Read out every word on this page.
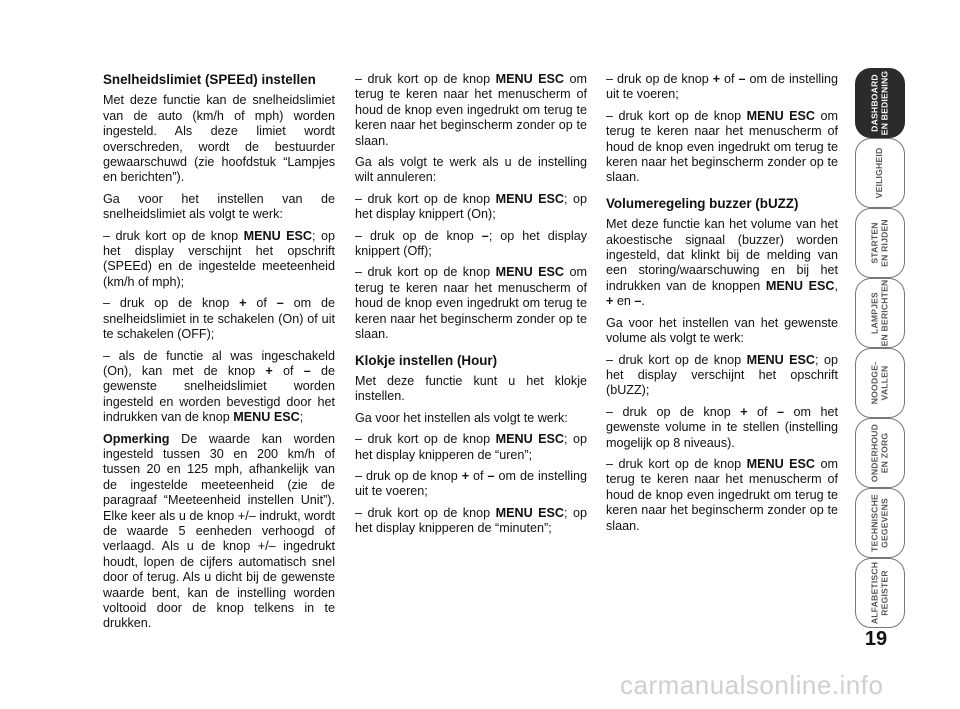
Snelheidslimiet (SPEEd) instellen

Met deze functie kan de snelheidslimiet van de auto (km/h of mph) worden ingesteld. Als deze limiet wordt overschreden, wordt de bestuurder gewaarschuwd (zie hoofdstuk “Lampjes en berichten”).

Ga voor het instellen van de snelheidslimiet als volgt te werk:

– druk kort op de knop MENU ESC; op het display verschijnt het opschrift (SPEEd) en de ingestelde meeteenheid (km/h of mph);

– druk op de knop + of – om de snelheidslimiet in te schakelen (On) of uit te schakelen (OFF);

– als de functie al was ingeschakeld (On), kan met de knop + of – de gewenste snelheidslimiet worden ingesteld en worden bevestigd door het indrukken van de knop MENU ESC;

Opmerking De waarde kan worden ingesteld tussen 30 en 200 km/h of tussen 20 en 125 mph, afhankelijk van de ingestelde meeteenheid (zie de paragraaf “Meeteenheid instellen Unit”). Elke keer als u de knop +/– indrukt, wordt de waarde 5 eenheden verhoogd of verlaagd. Als u de knop +/– ingedrukt houdt, lopen de cijfers automatisch snel door of terug. Als u dicht bij de gewenste waarde bent, kan de instelling worden voltooid door de knop telkens in te drukken.

– druk kort op de knop MENU ESC om terug te keren naar het menuscherm of houd de knop even ingedrukt om terug te keren naar het beginscherm zonder op te slaan.

Ga als volgt te werk als u de instelling wilt annuleren:

– druk kort op de knop MENU ESC; op het display knippert (On);

– druk op de knop –; op het display knippert (Off);

– druk kort op de knop MENU ESC om terug te keren naar het menuscherm of houd de knop even ingedrukt om terug te keren naar het beginscherm zonder op te slaan.

Klokje instellen (Hour)

Met deze functie kunt u het klokje instellen.

Ga voor het instellen als volgt te werk:

– druk kort op de knop MENU ESC; op het display knipperen de “uren”;

– druk op de knop + of – om de instelling uit te voeren;

– druk kort op de knop MENU ESC; op het display knipperen de “minuten”;

– druk op de knop + of – om de instelling uit te voeren;

– druk kort op de knop MENU ESC om terug te keren naar het menuscherm of houd de knop even ingedrukt om terug te keren naar het beginscherm zonder op te slaan.

Volumeregeling buzzer (bUZZ)

Met deze functie kan het volume van het akoestische signaal (buzzer) worden ingesteld, dat klinkt bij de melding van een storing/waarschuwing en bij het indrukken van de knoppen MENU ESC, + en –.

Ga voor het instellen van het gewenste volume als volgt te werk:

– druk kort op de knop MENU ESC; op het display verschijnt het opschrift (bUZZ);

– druk op de knop + of – om het gewenste volume in te stellen (instelling mogelijk op 8 niveaus).

– druk kort op de knop MENU ESC om terug te keren naar het menuscherm of houd de knop even ingedrukt om terug te keren naar het beginscherm zonder op te slaan.

DASHBOARD
EN BEDIENING
VEILIGHEID
STARTEN
EN RIJDEN
LAMPJES
EN BERICHTEN
NOODGE-
VALLEN
ONDERHOUD
EN ZORG
TECHNISCHE
GEGEVENS
ALFABETISCH
REGISTER
19
carmanualsonline.info
